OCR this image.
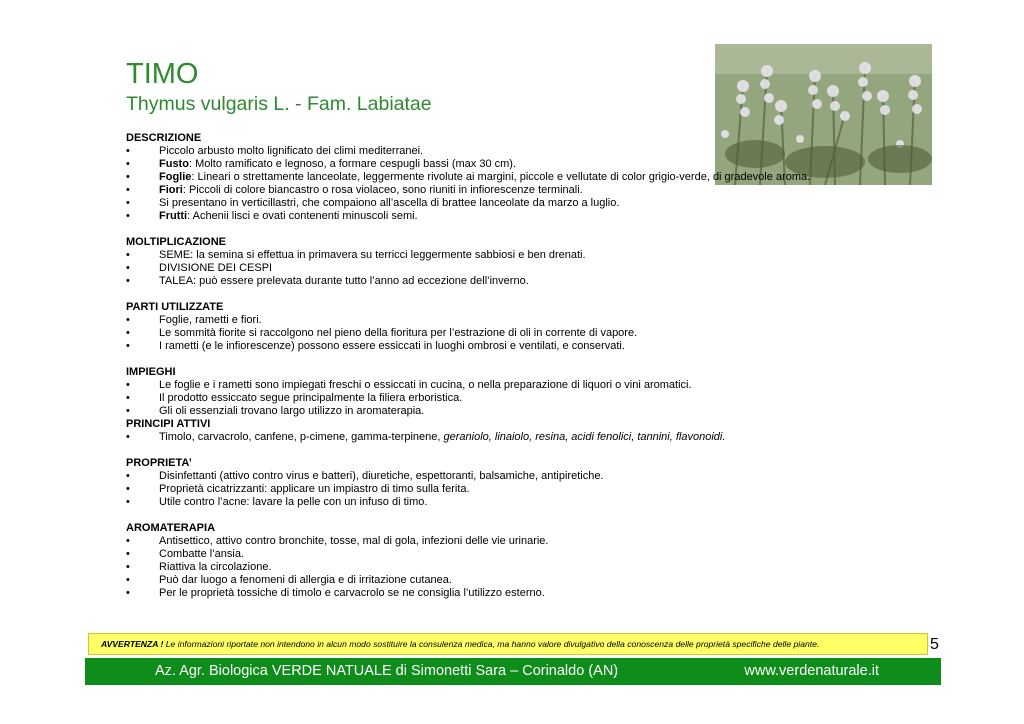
TIMO
Thymus vulgaris L. - Fam. Labiatae
DESCRIZIONE
•	Piccolo arbusto molto lignificato dei climi mediterranei.
•	Fusto: Molto ramificato e legnoso, a formare cespugli bassi (max 30 cm).
•	Foglie: Lineari o strettamente lanceolate, leggermente rivolute ai margini, piccole e vellutate di color grigio-verde, di gradevole aroma.
•	Fiori: Piccoli di colore biancastro o rosa violaceo, sono riuniti in infiorescenze terminali.
•	Si presentano in verticillastri, che compaiono all’ascella di brattee lanceolate da marzo a luglio.
•	Frutti: Achenii lisci e ovati contenenti minuscoli semi.
MOLTIPLICAZIONE
•	SEME: la semina si effettua in primavera su terricci leggermente sabbiosi e ben drenati.
•	DIVISIONE DEI CESPI
•	TALEA: può essere prelevata durante tutto l’anno ad eccezione dell’inverno.
PARTI UTILIZZATE
•	Foglie, rametti e fiori.
•	Le sommità fiorite si raccolgono nel pieno della fioritura per l’estrazione di oli in corrente di vapore.
•	I rametti (e le infiorescenze) possono essere essiccati in luoghi ombrosi e ventilati, e conservati.
IMPIEGHI
•	Le foglie e i rametti sono impiegati freschi o essiccati in cucina, o nella preparazione di liquori o vini aromatici.
•	Il prodotto essiccato segue principalmente la filiera erboristica.
•	Gli oli essenziali trovano largo utilizzo in aromaterapia.
PRINCIPI ATTIVI
•	Timolo, carvacrolo, canfene, p-cimene, gamma-terpinene, geraniolo, linaiolo, resina, acidi fenolici, tannini, flavonoidi.
PROPRIETA’
•	Disinfettanti (attivo contro virus e batteri), diuretiche, espettoranti, balsamiche, antipiretiche.
•	Proprietà cicatrizzanti: applicare un impiastro di timo sulla ferita.
•	Utile contro l’acne: lavare la pelle con un infuso di timo.
AROMATERAPIA
•	Antisettico, attivo contro bronchite, tosse, mal di gola, infezioni delle vie urinarie.
•	Combatte l’ansia.
•	Riattiva la circolazione.
•	Può dar luogo a fenomeni di allergia e di irritazione cutanea.
•	Per le proprietà tossiche di timolo e carvacrolo se ne consiglia l’utilizzo esterno.
AVVERTENZA ! Le informazioni riportate non intendono in alcun modo sostituire la consulenza medica, ma hanno valore divulgativo della conoscenza delle proprietà specifiche delle piante.	5
Az. Agr. Biologica VERDE NATUALE di Simonetti Sara – Corinaldo (AN)	www.verdenaturale.it
